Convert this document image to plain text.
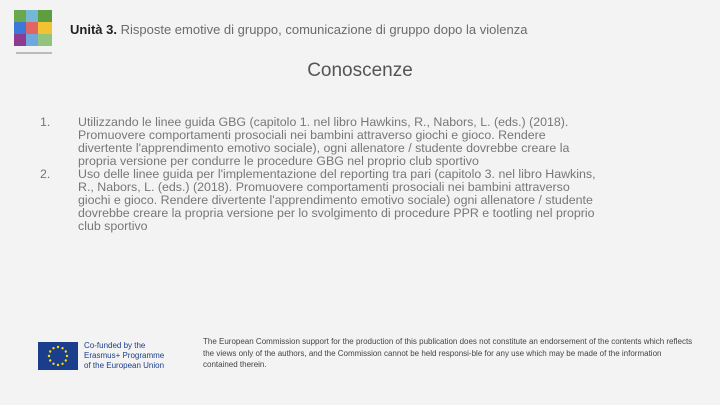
Unità 3. Risposte emotive di gruppo, comunicazione di gruppo dopo la violenza
Conoscenze
1.	Utilizzando le linee guida GBG (capitolo 1. nel libro Hawkins, R., Nabors, L. (eds.) (2018). Promuovere comportamenti prosociali nei bambini attraverso giochi e gioco. Rendere divertente l'apprendimento emotivo sociale), ogni allenatore / studente dovrebbe creare la propria versione per condurre le procedure GBG nel proprio club sportivo
2.	Uso delle linee guida per l'implementazione del reporting tra pari (capitolo 3. nel libro Hawkins, R., Nabors, L. (eds.) (2018). Promuovere comportamenti prosociali nei bambini attraverso giochi e gioco. Rendere divertente l'apprendimento emotivo sociale) ogni allenatore / studente dovrebbe creare la propria versione per lo svolgimento di procedure PPR e tootling nel proprio club sportivo
Co-funded by the
Erasmus+ Programme
of the European Union
The European Commission support for the production of this publication does not constitute an endorsement of the contents which reflects the views only of the authors, and the Commission cannot be held responsi-ble for any use which may be made of the information contained therein.
